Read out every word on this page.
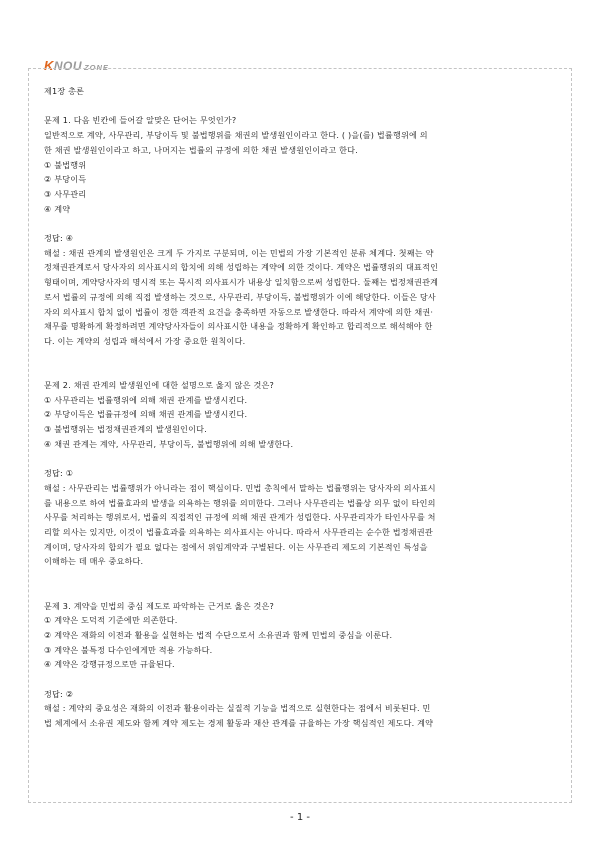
KNOU ZONE

제1장 총론

문제 1. 다음 빈칸에 들어갈 알맞은 단어는 무엇인가?

일반적으로 계약, 사무관리, 부당이득 및 불법행위를 채권의 발생원인이라고 한다. ( )을(를) 법률행위에 의

한 채권 발생원인이라고 하고, 나머지는 법률의 규정에 의한 채권 발생원인이라고 한다.

① 불법행위

② 부당이득

③ 사무관리

④ 계약

정답: ④

해설 : 채권 관계의 발생원인은 크게 두 가지로 구분되며, 이는 민법의 가장 기본적인 분류 체계다. 첫째는 약

정채권관계로서 당사자의 의사표시의 합치에 의해 성립하는 계약에 의한 것이다. 계약은 법률행위의 대표적인

형태이며, 계약당사자의 명시적 또는 묵시적 의사표시가 내용상 일치함으로써 성립한다. 둘째는 법정채권관계

로서 법률의 규정에 의해 직접 발생하는 것으로, 사무관리, 부당이득, 불법행위가 이에 해당한다. 이들은 당사

자의 의사표시 합치 없이 법률이 정한 객관적 요건을 충족하면 자동으로 발생한다. 따라서 계약에 의한 채권·

채무를 명확하게 확정하려면 계약당사자들이 의사표시한 내용을 정확하게 확인하고 합리적으로 해석해야 한

다. 이는 계약의 성립과 해석에서 가장 중요한 원칙이다.

문제 2. 채권 관계의 발생원인에 대한 설명으로 옳지 않은 것은?

① 사무관리는 법률행위에 의해 채권 관계를 발생시킨다.

② 부당이득은 법률규정에 의해 채권 관계를 발생시킨다.

③ 불법행위는 법정채권관계의 발생원인이다.

④ 채권 관계는 계약, 사무관리, 부당이득, 불법행위에 의해 발생한다.

정답: ①

해설 : 사무관리는 법률행위가 아니라는 점이 핵심이다. 민법 총칙에서 말하는 법률행위는 당사자의 의사표시

를 내용으로 하여 법률효과의 발생을 의욕하는 행위를 의미한다. 그러나 사무관리는 법률상 의무 없이 타인의

사무를 처리하는 행위로서, 법률의 직접적인 규정에 의해 채권 관계가 성립한다. 사무관리자가 타인사무를 처

리할 의사는 있지만, 이것이 법률효과를 의욕하는 의사표시는 아니다. 따라서 사무관리는 순수한 법정채권관

계이며, 당사자의 합의가 필요 없다는 점에서 위임계약과 구별된다. 이는 사무관리 제도의 기본적인 특성을

이해하는 데 매우 중요하다.

문제 3. 계약을 민법의 중심 제도로 파악하는 근거로 옳은 것은?

① 계약은 도덕적 기준에만 의존한다.

② 계약은 재화의 이전과 활용을 실현하는 법적 수단으로서 소유권과 함께 민법의 중심을 이룬다.

③ 계약은 불특정 다수인에게만 적용 가능하다.

④ 계약은 강행규정으로만 규율된다.

정답: ②

해설 : 계약의 중요성은 재화의 이전과 활용이라는 실질적 기능을 법적으로 실현한다는 점에서 비롯된다. 민

법 체계에서 소유권 제도와 함께 계약 제도는 경제 활동과 재산 관계를 규율하는 가장 핵심적인 제도다. 계약

- 1 -
